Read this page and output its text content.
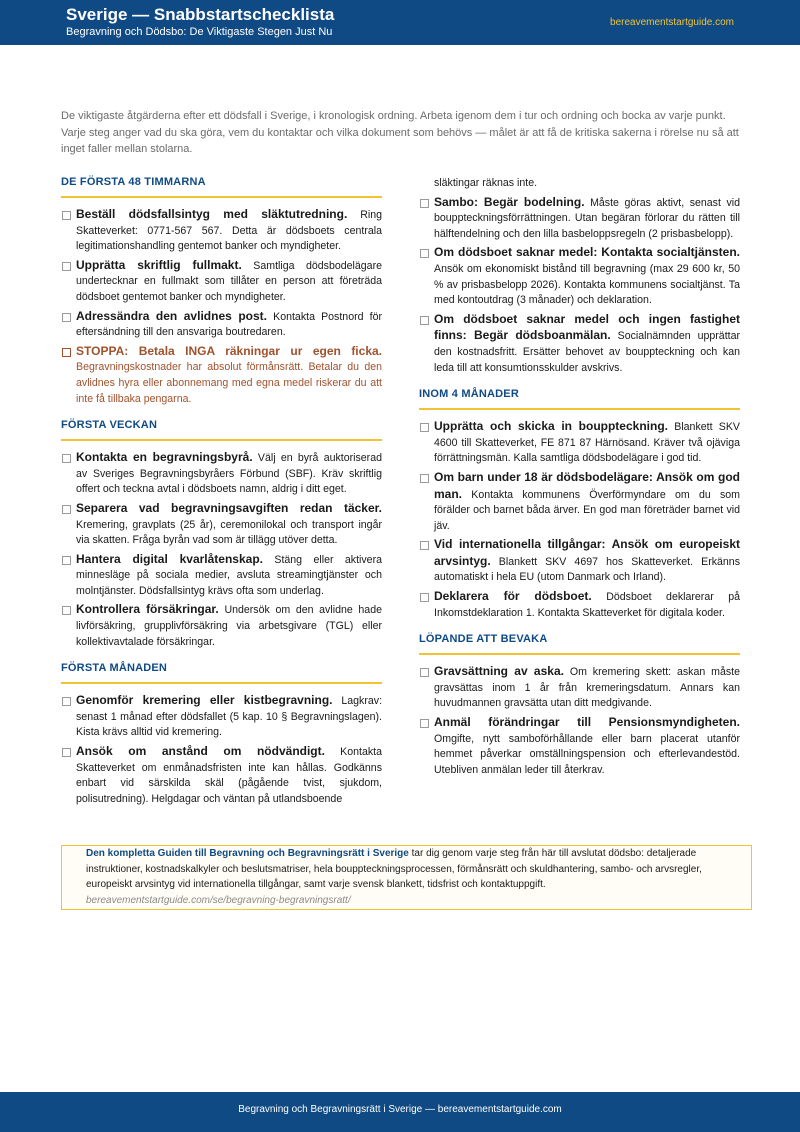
Sverige — Snabbstartschecklista
Begravning och Dödsbo: De Viktigaste Stegen Just Nu
bereavementstartguide.com
De viktigaste åtgärderna efter ett dödsfall i Sverige, i kronologisk ordning. Arbeta igenom dem i tur och ordning och bocka av varje punkt. Varje steg anger vad du ska göra, vem du kontaktar och vilka dokument som behövs — målet är att få de kritiska sakerna i rörelse nu så att inget faller mellan stolarna.
DE FÖRSTA 48 TIMMARNA
Beställ dödsfallsintyg med släktutredning. Ring Skatteverket: 0771-567 567. Detta är dödsboets centrala legitimationshandling gentemot banker och myndigheter.
Upprätta skriftlig fullmakt. Samtliga dödsbodelägare undertecknar en fullmakt som tillåter en person att företräda dödsboet gentemot banker och myndigheter.
Adressändra den avlidnes post. Kontakta Postnord för eftersändning till den ansvariga boutredaren.
STOPPA: Betala INGA räkningar ur egen ficka. Begravningskostnader har absolut förmånsrätt. Betalar du den avlidnes hyra eller abonnemang med egna medel riskerar du att inte få tillbaka pengarna.
FÖRSTA VECKAN
Kontakta en begravningsbyrå. Välj en byrå auktoriserad av Sveriges Begravningsbyråers Förbund (SBF). Kräv skriftlig offert och teckna avtal i dödsboets namn, aldrig i ditt eget.
Separera vad begravningsavgiften redan täcker. Kremering, gravplats (25 år), ceremonilokal och transport ingår via skatten. Fråga byrån vad som är tillägg utöver detta.
Hantera digital kvarlåtenskap. Stäng eller aktivera minnesläge på sociala medier, avsluta streamingtjänster och molntjänster. Dödsfallsintyg krävs ofta som underlag.
Kontrollera försäkringar. Undersök om den avlidne hade livförsäkring, grupplivförsäkring via arbetsgivare (TGL) eller kollektivavtalade försäkringar.
FÖRSTA MÅNADEN
Genomför kremering eller kistbegravning. Lagkrav: senast 1 månad efter dödsfallet (5 kap. 10 § Begravningslagen). Kista krävs alltid vid kremering.
Ansök om anstånd om nödvändigt. Kontakta Skatteverket om enmånadsfristen inte kan hållas. Godkänns enbart vid särskilda skäl (pågående tvist, sjukdom, polisutredning). Helgdagar och väntan på utlandsboende
släktingar räknas inte.
Sambo: Begär bodelning. Måste göras aktivt, senast vid bouppteckningsförrättningen. Utan begäran förlorar du rätten till hälftendelning och den lilla basbeloppsregeln (2 prisbasbelopp).
Om dödsboet saknar medel: Kontakta socialtjänsten. Ansök om ekonomiskt bistånd till begravning (max 29 600 kr, 50 % av prisbasbelopp 2026). Kontakta kommunens socialtjänst. Ta med kontoutdrag (3 månader) och deklaration.
Om dödsboet saknar medel och ingen fastighet finns: Begär dödsboanmälan. Socialnämnden upprättar den kostnadsfritt. Ersätter behovet av bouppteckning och kan leda till att konsumtionsskulder avskrivs.
INOM 4 MÅNADER
Upprätta och skicka in bouppteckning. Blankett SKV 4600 till Skatteverket, FE 871 87 Härnösand. Kräver två ojäviga förrättningsmän. Kalla samtliga dödsbodelägare i god tid.
Om barn under 18 är dödsbodelägare: Ansök om god man. Kontakta kommunens Överförmyndare om du som förälder och barnet båda ärver. En god man företräder barnet vid jäv.
Vid internationella tillgångar: Ansök om europeiskt arvsintyg. Blankett SKV 4697 hos Skatteverket. Erkänns automatiskt i hela EU (utom Danmark och Irland).
Deklarera för dödsboet. Dödsboet deklarerar på Inkomstdeklaration 1. Kontakta Skatteverket för digitala koder.
LÖPANDE ATT BEVAKA
Gravsättning av aska. Om kremering skett: askan måste gravsättas inom 1 år från kremeringsdatum. Annars kan huvudmannen gravsätta utan ditt medgivande.
Anmäl förändringar till Pensionsmyndigheten. Omgifte, nytt samboförhållande eller barn placerat utanför hemmet påverkar omställningspension och efterlevandestöd. Utebliven anmälan leder till återkrav.
Den kompletta Guiden till Begravning och Begravningsrätt i Sverige tar dig genom varje steg från här till avslutat dödsbo: detaljerade instruktioner, kostnadskalkyler och beslutsmatriser, hela bouppteckningsprocessen, förmånsrätt och skuldhantering, sambo- och arvsregler, europeiskt arvsintyg vid internationella tillgångar, samt varje svensk blankett, tidsfrist och kontaktuppgift. bereavementstartguide.com/se/begravning-begravningsratt/
Begravning och Begravningsrätt i Sverige — bereavementstartguide.com
